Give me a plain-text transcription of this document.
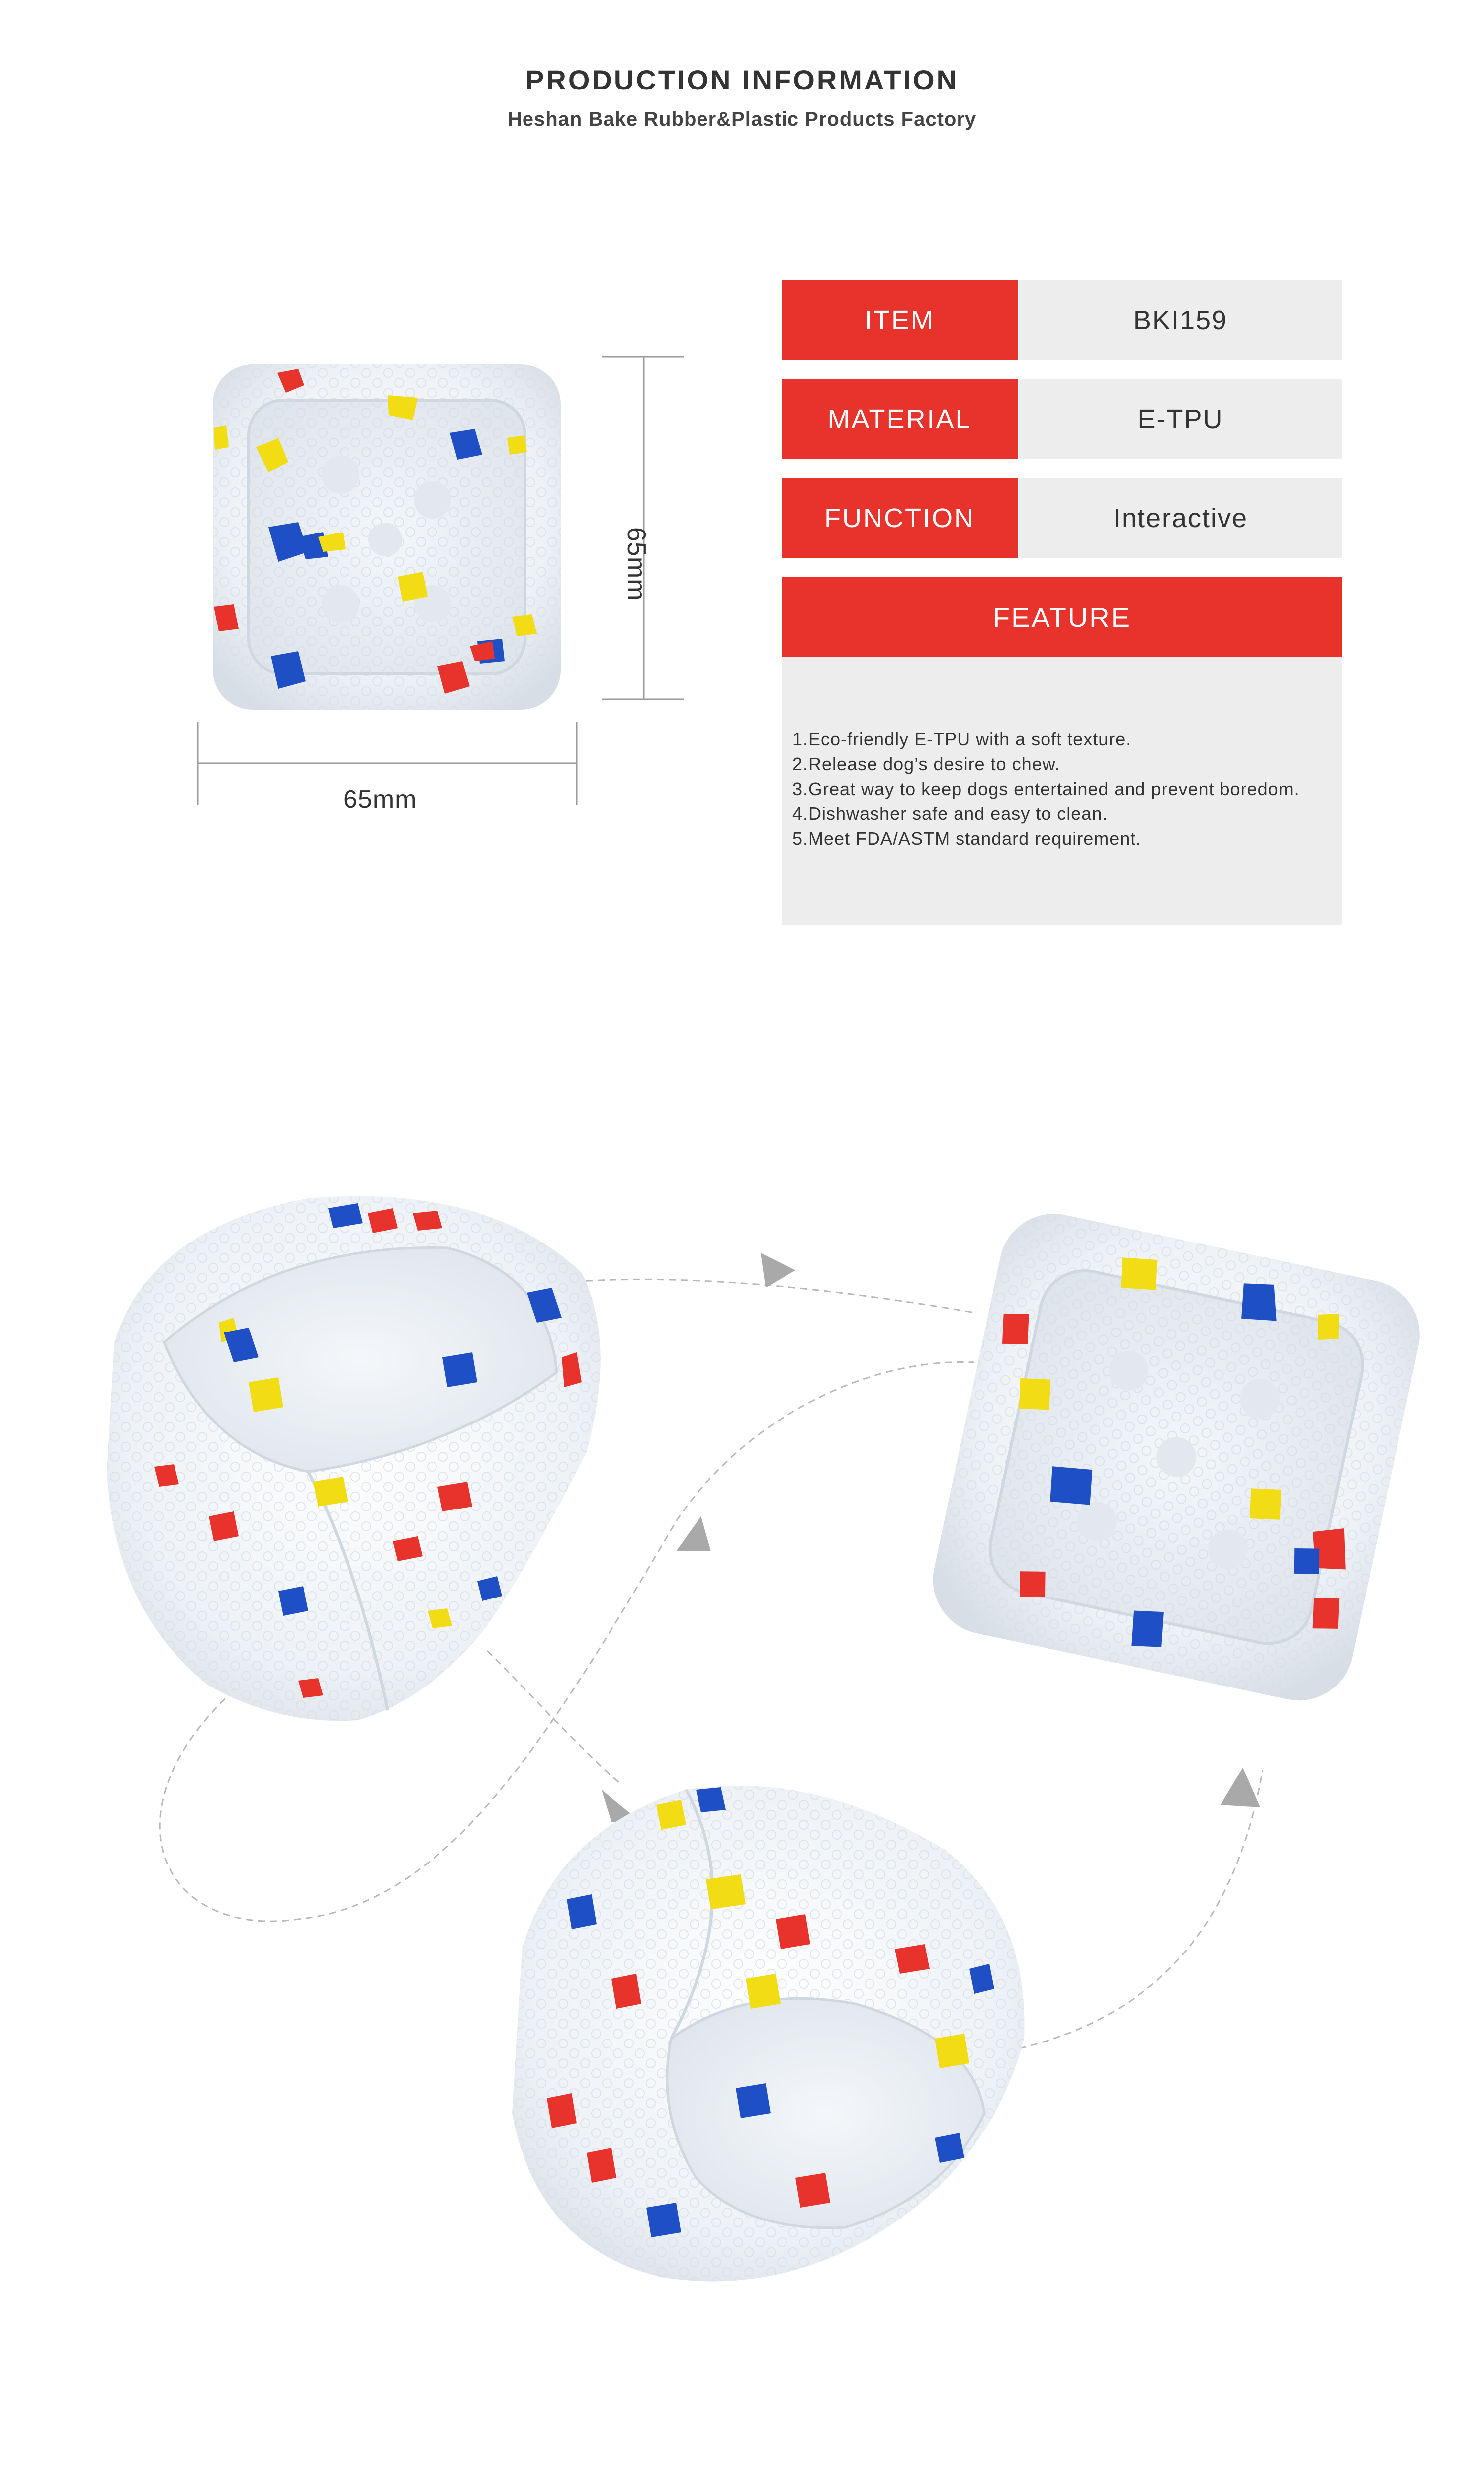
PRODUCTION INFORMATION
Heshan Bake Rubber&Plastic Products Factory
65mm
65mm
ITEM	BKI159
MATERIAL	E-TPU
FUNCTION	Interactive
FEATURE
1.Eco-friendly E-TPU with a soft texture.
2.Release dog’s desire to chew.
3.Great way to keep dogs entertained and prevent boredom.
4.Dishwasher safe and easy to clean.
5.Meet FDA/ASTM standard requirement.
